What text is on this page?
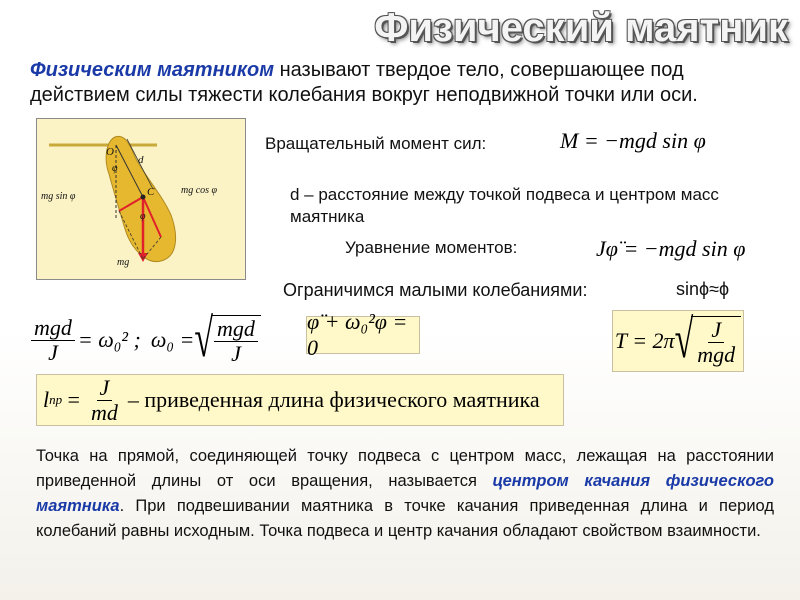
Физический маятник
Физическим маятником называют твердое тело, совершающее под действием силы тяжести колебания вокруг неподвижной точки или оси.
O
d
φ
C
φ
mg sin φ
mg cos φ
mg
Вращательный момент сил:	M = −mgd sin φ
d – расстояние между точкой подвеса и центром масс маятника
Уравнение моментов:	Jφ̈ = −mgd sin φ
Ограничимся малыми колебаниями:	sinϕ≈ϕ
$\frac{\text{mgd}}{J} = \omega_0^2$ ; ω₀ = √ $\frac{\text{mgd}}{J}$ φ̈ + ω₀²φ = 0	T = 2π √ $\frac{J}{\text{mgd}}$
l пр = $\frac{J}{md}$ – приведенная длина физического маятника
Точка на прямой, соединяющей точку подвеса с центром масс, лежащая на расстоянии приведенной длины от оси вращения, называется центром качания физического маятника. При подвешивании маятника в точке качания приведенная длина и период колебаний равны исходным. Точка подвеса и центр качания обладают свойством взаимности.
